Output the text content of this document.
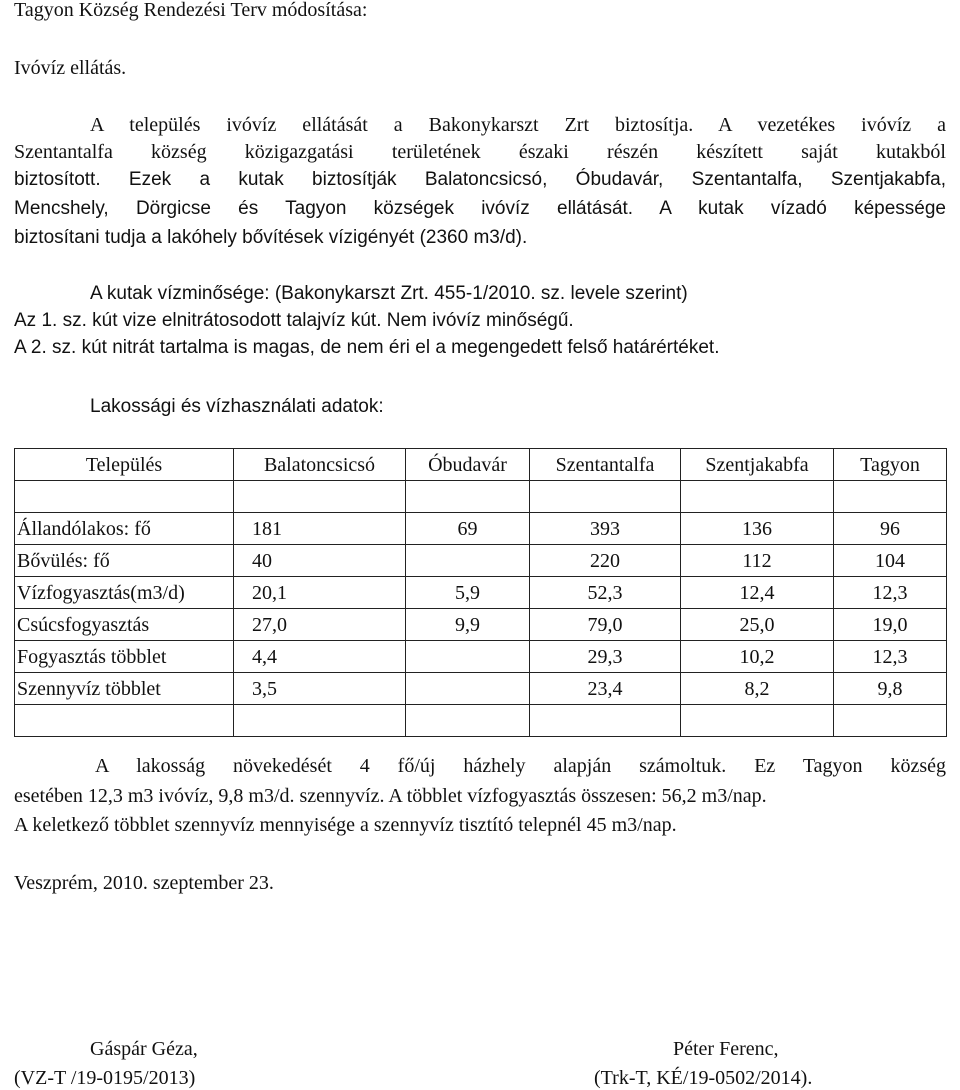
Tagyon Község Rendezési Terv módosítása:
Ivóvíz ellátás.
A település ivóvíz ellátását a Bakonykarszt Zrt biztosítja. A vezetékes ivóvíz a
Szentantalfa község közigazgatási területének északi részén készített saját kutakból
biztosított. Ezek a kutak biztosítják Balatoncsicsó, Óbudavár, Szentantalfa, Szentjakabfa,
Mencshely, Dörgicse és Tagyon községek ivóvíz ellátását. A kutak vízadó képessége
biztosítani tudja a lakóhely bővítések vízigényét (2360 m3/d).
A kutak vízminősége: (Bakonykarszt Zrt. 455-1/2010. sz. levele szerint)
Az 1. sz. kút vize elnitrátosodott talajvíz kút. Nem ivóvíz minőségű.
A 2. sz. kút nitrát tartalma is magas, de nem éri el a megengedett felső határértéket.
Lakossági és vízhasználati adatok:
Település	Balatoncsicsó	Óbudavár	Szentantalfa	Szentjakabfa	Tagyon

Állandólakos: fő	181	69	393	136	96
Bővülés: fő	40		220	112	104
Vízfogyasztás(m3/d)	20,1	5,9	52,3	12,4	12,3
Csúcsfogyasztás	27,0	9,9	79,0	25,0	19,0
Fogyasztás többlet	4,4		29,3	10,2	12,3
Szennyvíz többlet	3,5		23,4	8,2	9,8

A lakosság növekedését 4 fő/új házhely alapján számoltuk. Ez Tagyon község
esetében 12,3 m3 ivóvíz, 9,8 m3/d. szennyvíz. A többlet vízfogyasztás összesen: 56,2 m3/nap.
A keletkező többlet szennyvíz mennyisége a szennyvíz tisztító telepnél 45 m3/nap.
Veszprém, 2010. szeptember 23.
Gáspár Géza,
(VZ-T /19-0195/2013)
Péter Ferenc,
(Trk-T, KÉ/19-0502/2014).
